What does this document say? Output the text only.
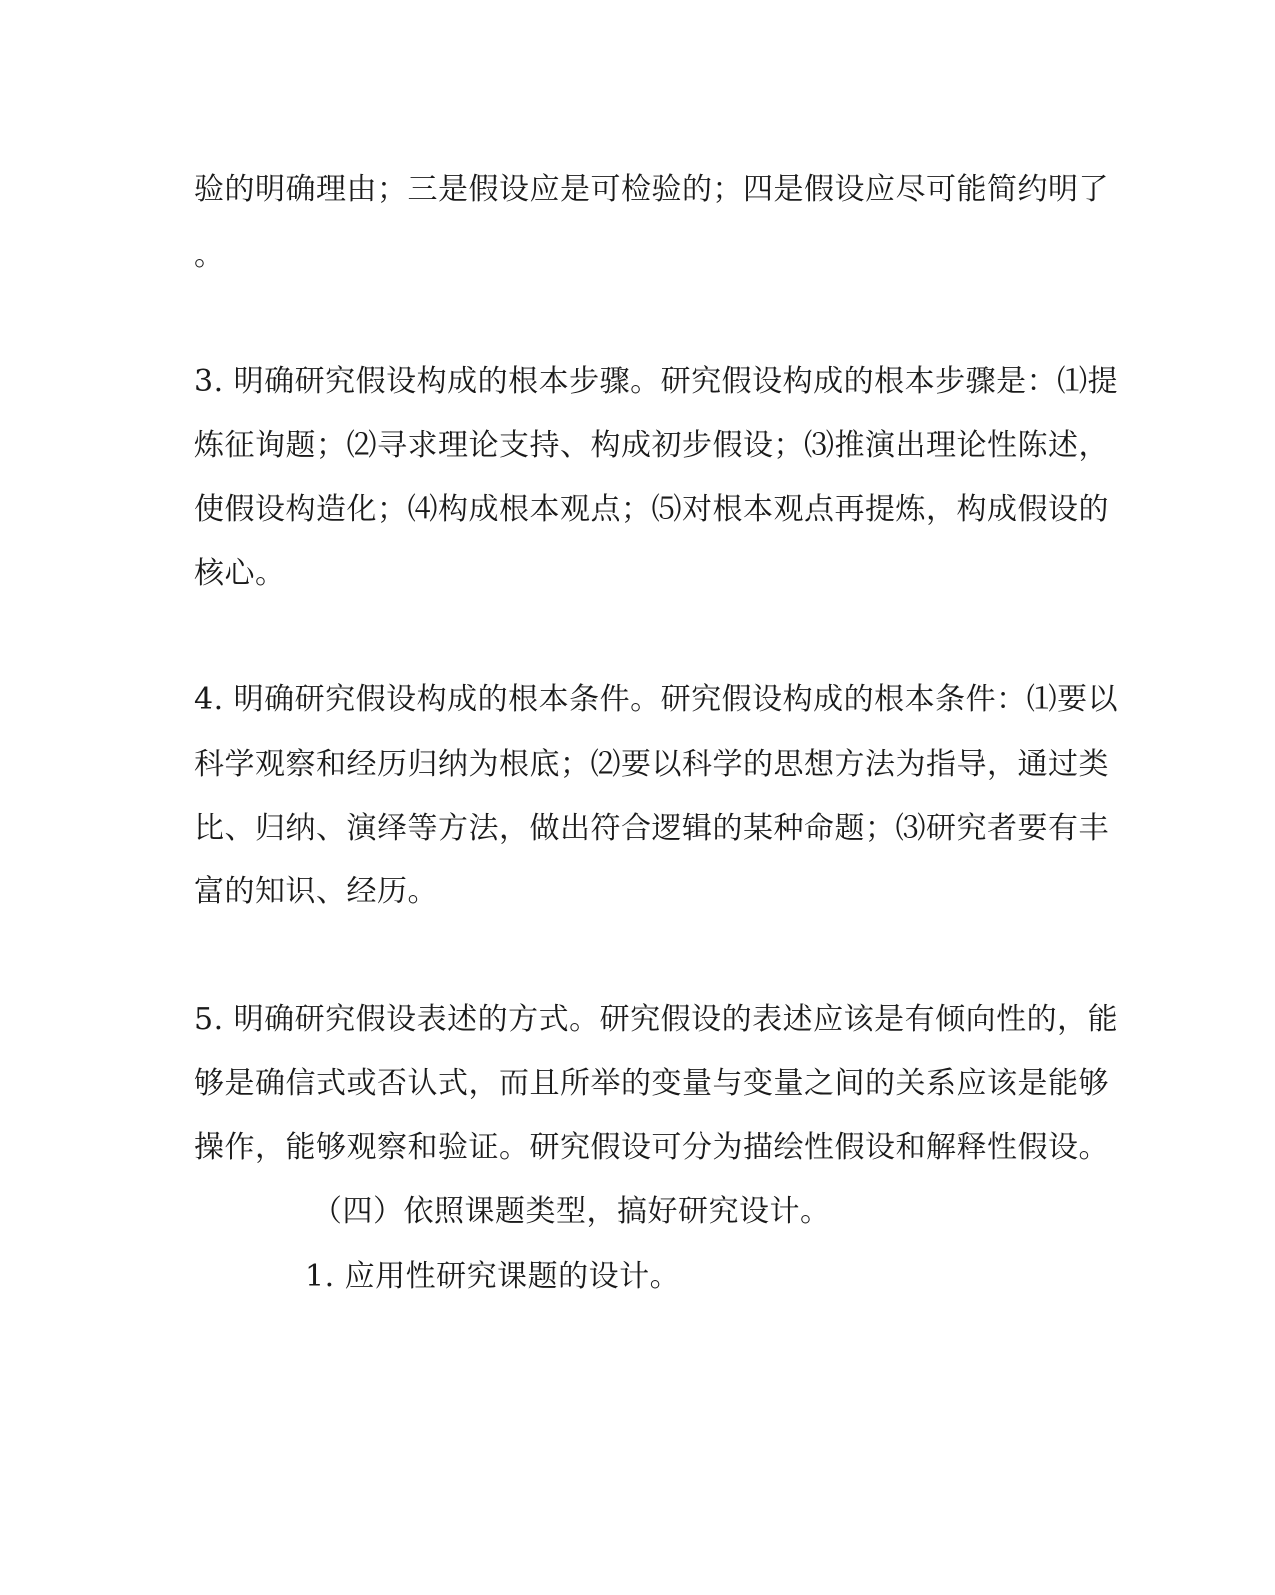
验的明确理由；三是假设应是可检验的；四是假设应尽可能简约明了
。
3. 明确研究假设构成的根本步骤。研究假设构成的根本步骤是：⑴提
炼征询题；⑵寻求理论支持、构成初步假设；⑶推演出理论性陈述，
使假设构造化；⑷构成根本观点；⑸对根本观点再提炼，构成假设的
核心。
4. 明确研究假设构成的根本条件。研究假设构成的根本条件：⑴要以
科学观察和经历归纳为根底；⑵要以科学的思想方法为指导，通过类
比、归纳、演绎等方法，做出符合逻辑的某种命题；⑶研究者要有丰
富的知识、经历。
5. 明确研究假设表述的方式。研究假设的表述应该是有倾向性的，能
够是确信式或否认式，而且所举的变量与变量之间的关系应该是能够
操作，能够观察和验证。研究假设可分为描绘性假设和解释性假设。
（四）依照课题类型，搞好研究设计。
1. 应用性研究课题的设计。
